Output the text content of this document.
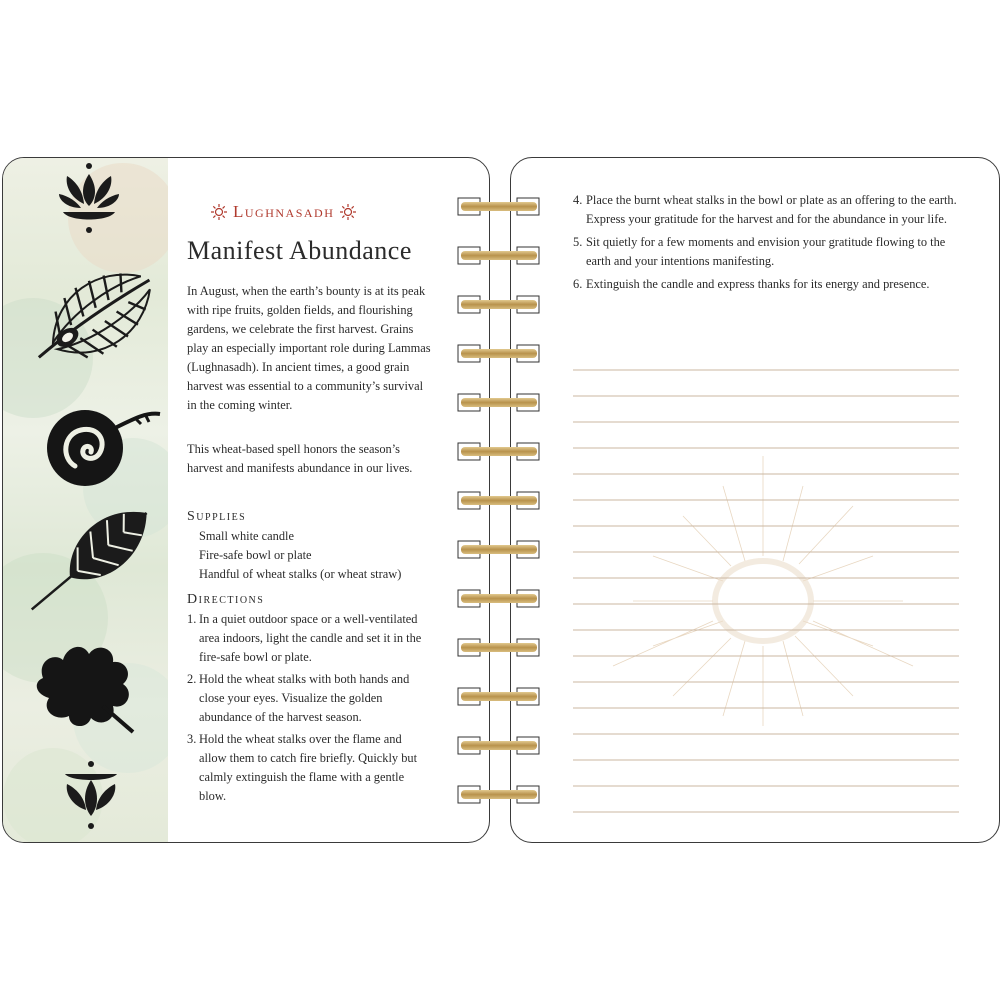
Lughnasadh
Manifest Abundance

In August, when the earth’s bounty is at its peak with ripe fruits, golden fields, and flourishing gardens, we celebrate the first harvest. Grains play an especially important role during Lammas (Lughnasadh). In ancient times, a good grain harvest was essential to a community’s survival in the coming winter.

This wheat-based spell honors the season’s harvest and manifests abundance in our lives.

Supplies

Small white candle
Fire-safe bowl or plate
Handful of wheat stalks (or wheat straw)

Directions

1. In a quiet outdoor space or a well-ventilated area indoors, light the candle and set it in the fire-safe bowl or plate.
2. Hold the wheat stalks with both hands and close your eyes. Visualize the golden abundance of the harvest season.
3. Hold the wheat stalks over the flame and allow them to catch fire briefly. Quickly but calmly extinguish the flame with a gentle blow.
4. Place the burnt wheat stalks in the bowl or plate as an offering to the earth. Express your gratitude for the harvest and for the abundance in your life.
5. Sit quietly for a few moments and envision your gratitude flowing to the earth and your intentions manifesting.
6. Extinguish the candle and express thanks for its energy and presence.
